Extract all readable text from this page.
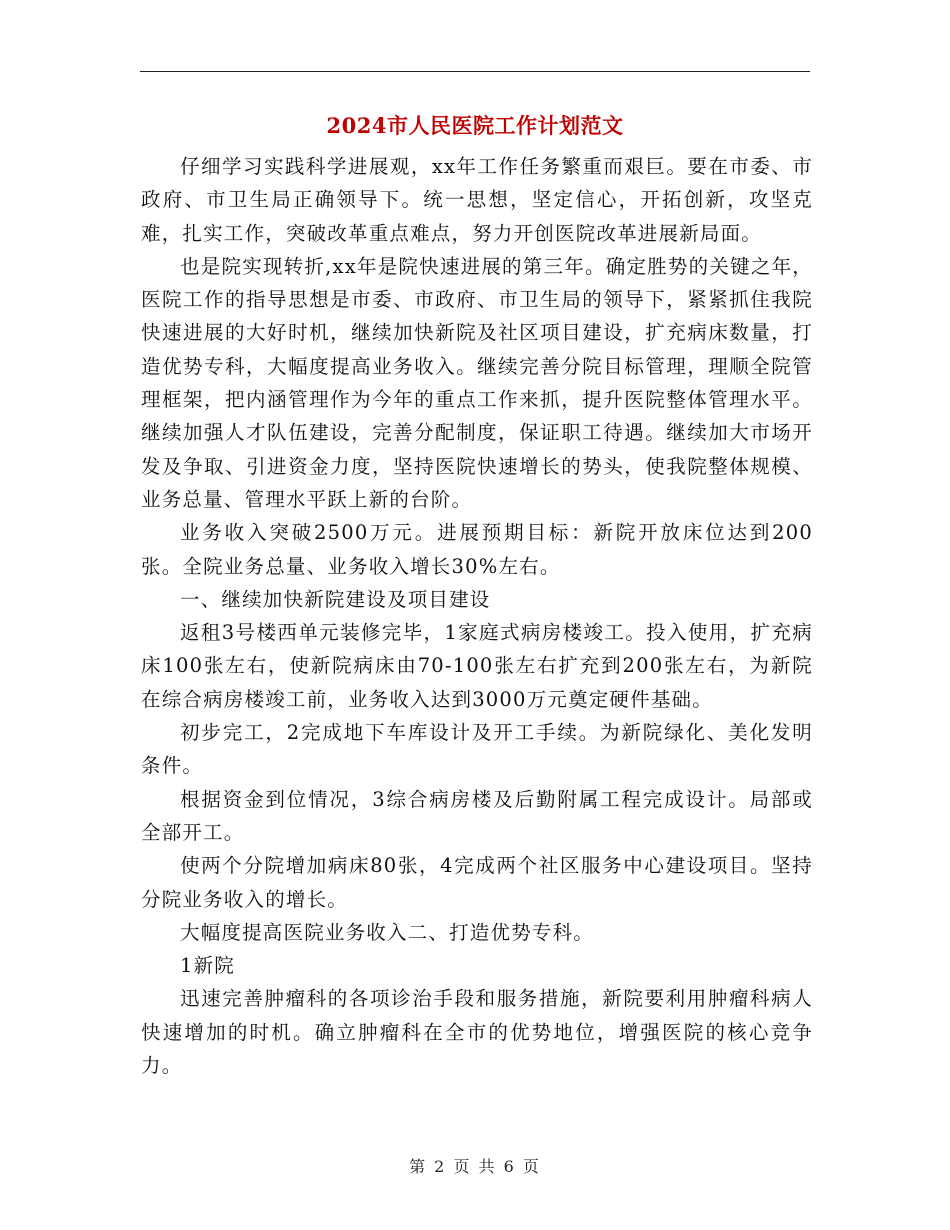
2024市人民医院工作计划范文

仔细学习实践科学进展观，xx年工作任务繁重而艰巨。要在市委、市政府、市卫生局正确领导下。统一思想，坚定信心，开拓创新，攻坚克难，扎实工作，突破改革重点难点，努力开创医院改革进展新局面。

也是院实现转折,xx年是院快速进展的第三年。确定胜势的关键之年，医院工作的指导思想是市委、市政府、市卫生局的领导下，紧紧抓住我院快速进展的大好时机，继续加快新院及社区项目建设，扩充病床数量，打造优势专科，大幅度提高业务收入。继续完善分院目标管理，理顺全院管理框架，把内涵管理作为今年的重点工作来抓，提升医院整体管理水平。继续加强人才队伍建设，完善分配制度，保证职工待遇。继续加大市场开发及争取、引进资金力度，坚持医院快速增长的势头，使我院整体规模、业务总量、管理水平跃上新的台阶。

业务收入突破2500万元。进展预期目标：新院开放床位达到200张。全院业务总量、业务收入增长30%左右。

一、继续加快新院建设及项目建设

返租3号楼西单元装修完毕，1家庭式病房楼竣工。投入使用，扩充病床100张左右，使新院病床由70-100张左右扩充到200张左右，为新院在综合病房楼竣工前，业务收入达到3000万元奠定硬件基础。

初步完工，2完成地下车库设计及开工手续。为新院绿化、美化发明条件。

根据资金到位情况，3综合病房楼及后勤附属工程完成设计。局部或全部开工。

使两个分院增加病床80张，4完成两个社区服务中心建设项目。坚持分院业务收入的增长。

大幅度提高医院业务收入二、打造优势专科。

1新院

迅速完善肿瘤科的各项诊治手段和服务措施，新院要利用肿瘤科病人快速增加的时机。确立肿瘤科在全市的优势地位，增强医院的核心竞争力。

第 2 页 共 6 页
